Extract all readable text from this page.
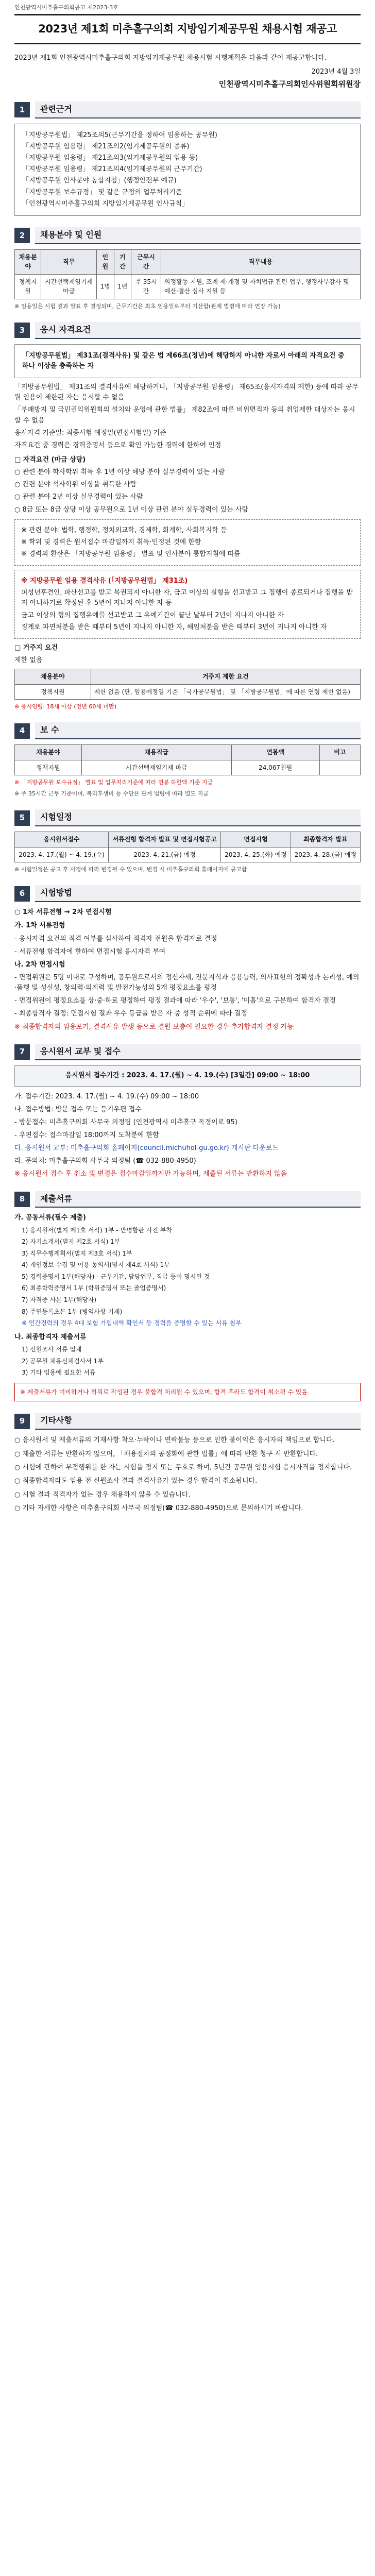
인천광역시미추홀구의회공고 제2023-3호
2023년 제1회 미추홀구의회 지방임기제공무원 채용시험 재공고
2023년 제1회 인천광역시미추홀구의회 지방임기제공무원 채용시험 시행계획을 다음과 같이 재공고합니다.
2023년 4월 3일
인천광역시미추홀구의회인사위원회위원장
1	관련근거

「지방공무원법」 제25조의5(근무기간을 정하여 임용하는 공무원)

「지방공무원 임용령」 제21조의2(임기제공무원의 종류)

「지방공무원 임용령」 제21조의3(임기제공무원의 임용 등)

「지방공무원 임용령」 제21조의4(임기제공무원의 근무기간)

「지방공무원 인사분야 통합지침」(행정안전부 예규)

「지방공무원 보수규정」 및 같은 규정의 업무처리기준

「인천광역시미추홀구의회 지방임기제공무원 인사규칙」

2	채용분야 및 인원
채용분야	직무	인원	기간	근무시간	직무내용
정책지원	시간선택제임기제 마급	1명	1년	주 35시간	의정활동 지원, 조례 제·개정 및 자치법규 관련 업무, 행정사무감사 및 예산·결산 심사 지원 등
※ 임용일은 시험 결과 발표 후 결정되며, 근무기간은 최초 임용일로부터 기산함(관계 법령에 따라 연장 가능)
3	응시 자격요건

「지방공무원법」 제31조(결격사유) 및 같은 법 제66조(정년)에 해당하지 아니한 자로서 아래의 자격요건 중 하나 이상을 충족하는 자

「지방공무원법」 제31조의 결격사유에 해당하거나, 「지방공무원 임용령」 제65조(응시자격의 제한) 등에 따라 공무원 임용이 제한된 자는 응시할 수 없음

「부패방지 및 국민권익위원회의 설치와 운영에 관한 법률」 제82조에 따른 비위면직자 등의 취업제한 대상자는 응시할 수 없음

응시자격 기준일: 최종시험 예정일(면접시험일) 기준

자격요건 중 경력은 경력증명서 등으로 확인 가능한 경력에 한하여 인정

□ 자격요건 (마급 상당)

○ 관련 분야 학사학위 취득 후 1년 이상 해당 분야 실무경력이 있는 사람

○ 관련 분야 석사학위 이상을 취득한 사람

○ 관련 분야 2년 이상 실무경력이 있는 사람

○ 8급 또는 8급 상당 이상 공무원으로 1년 이상 관련 분야 실무경력이 있는 사람

※ 관련 분야: 법학, 행정학, 정치외교학, 경제학, 회계학, 사회복지학 등

※ 학위 및 경력은 원서접수 마감일까지 취득·인정된 것에 한함

※ 경력의 환산은 「지방공무원 임용령」 별표 및 인사분야 통합지침에 따름

※ 지방공무원 임용 결격사유 (「지방공무원법」 제31조)

피성년후견인, 파산선고를 받고 복권되지 아니한 자, 금고 이상의 실형을 선고받고 그 집행이 종료되거나 집행을 받지 아니하기로 확정된 후 5년이 지나지 아니한 자 등

금고 이상의 형의 집행유예를 선고받고 그 유예기간이 끝난 날부터 2년이 지나지 아니한 자

징계로 파면처분을 받은 때부터 5년이 지나지 아니한 자, 해임처분을 받은 때부터 3년이 지나지 아니한 자

□ 거주지 요건

제한 없음

채용분야	거주지 제한 요건
정책지원	제한 없음 (단, 임용예정일 기준 「국가공무원법」 및 「지방공무원법」에 따른 연령 제한 없음)
※ 응시연령: 18세 이상 (정년 60세 미만)
4	보 수
채용분야	채용직급	연봉액	비고
정책지원	시간선택제임기제 마급	24,067천원	
※ 「지방공무원 보수규정」 별표 및 업무처리기준에 따라 연봉 하한액 기준 지급
※ 주 35시간 근무 기준이며, 복리후생비 등 수당은 관계 법령에 따라 별도 지급
5	시험일정
응시원서접수	서류전형 합격자 발표 및 면접시험공고	면접시험	최종합격자 발표
2023. 4. 17.(월) ~ 4. 19.(수)	2023. 4. 21.(금) 예정	2023. 4. 25.(화) 예정	2023. 4. 28.(금) 예정
※ 시험일정은 공고 후 사정에 따라 변경될 수 있으며, 변경 시 미추홀구의회 홈페이지에 공고함
6	시험방법

○ 1차 서류전형 → 2차 면접시험

가. 1차 서류전형

- 응시자격 요건의 적격 여부를 심사하여 적격자 전원을 합격자로 결정

- 서류전형 합격자에 한하여 면접시험 응시자격 부여

나. 2차 면접시험

- 면접위원은 5명 이내로 구성하며, 공무원으로서의 정신자세, 전문지식과 응용능력, 의사표현의 정확성과 논리성, 예의·품행 및 성실성, 창의력·의지력 및 발전가능성의 5개 평정요소를 평정

- 면접위원이 평정요소를 상·중·하로 평정하여 평정 결과에 따라 '우수', '보통', '미흡'으로 구분하여 합격자 결정

- 최종합격자 결정: 면접시험 결과 우수 등급을 받은 자 중 성적 순위에 따라 결정

※ 최종합격자의 임용포기, 결격사유 발생 등으로 결원 보충이 필요한 경우 추가합격자 결정 가능

7	응시원서 교부 및 접수
응시원서 접수기간 : 2023. 4. 17.(월) ~ 4. 19.(수) [3일간] 09:00 ~ 18:00

가. 접수기간: 2023. 4. 17.(월) ~ 4. 19.(수) 09:00 ~ 18:00

나. 접수방법: 방문 접수 또는 등기우편 접수

- 방문접수: 미추홀구의회 사무국 의정팀 (인천광역시 미추홀구 독정이로 95)

- 우편접수: 접수마감일 18:00까지 도착분에 한함

다. 응시원서 교부: 미추홀구의회 홈페이지(council.michuhol-gu.go.kr) 게시판 다운로드

라. 문의처: 미추홀구의회 사무국 의정팀 (☎ 032-880-4950)

※ 응시원서 접수 후 취소 및 변경은 접수마감일까지만 가능하며, 제출된 서류는 반환하지 않음

8	제출서류

가. 공통서류(필수 제출)

1) 응시원서(별지 제1호 서식) 1부 - 반명함판 사진 부착

2) 자기소개서(별지 제2호 서식) 1부

3) 직무수행계획서(별지 제3호 서식) 1부

4) 개인정보 수집 및 이용 동의서(별지 제4호 서식) 1부

5) 경력증명서 1부(해당자) - 근무기간, 담당업무, 직급 등이 명시된 것

6) 최종학력증명서 1부 (학위증명서 또는 졸업증명서)

7) 자격증 사본 1부(해당자)

8) 주민등록초본 1부 (병역사항 기재)

※ 민간경력의 경우 4대 보험 가입내역 확인서 등 경력을 증명할 수 있는 서류 첨부

나. 최종합격자 제출서류

1) 신원조사 서류 일체

2) 공무원 채용신체검사서 1부

3) 기타 임용에 필요한 서류

※ 제출서류가 미비하거나 허위로 작성된 경우 불합격 처리될 수 있으며, 합격 후라도 합격이 취소될 수 있음
9	기타사항

○ 응시원서 및 제출서류의 기재사항 착오·누락이나 연락불능 등으로 인한 불이익은 응시자의 책임으로 합니다.

○ 제출한 서류는 반환하지 않으며, 「채용절차의 공정화에 관한 법률」에 따라 반환 청구 시 반환합니다.

○ 시험에 관하여 부정행위를 한 자는 시험을 정지 또는 무효로 하며, 5년간 공무원 임용시험 응시자격을 정지합니다.

○ 최종합격자라도 임용 전 신원조사 결과 결격사유가 있는 경우 합격이 취소됩니다.

○ 시험 결과 적격자가 없는 경우 채용하지 않을 수 있습니다.

○ 기타 자세한 사항은 미추홀구의회 사무국 의정팀(☎ 032-880-4950)으로 문의하시기 바랍니다.
